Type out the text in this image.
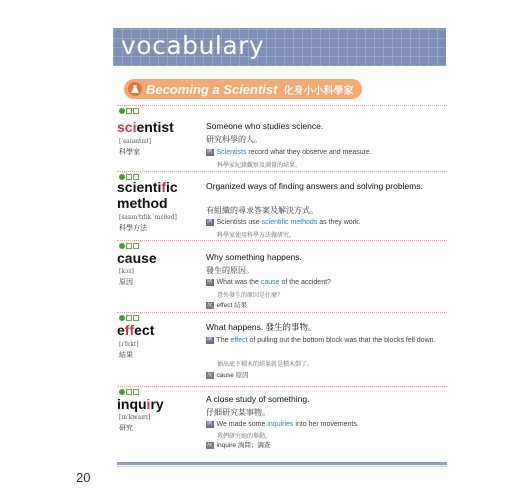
vocabulary
Becoming a Scientist 化身小小科學家
scientist
[ˈsaɪəntɪst]
科學家
Someone who studies science.
研究科學的人。
例 Scientists record what they observe and measure.
科學家紀錄觀察及測量的結果。
scientific
method
[saɪənˈtɪfɪk ˈmɛθəd]
科學方法
Organized ways of finding answers and solving problems.
有組織的尋求答案及解決方式。
例 Scientists use scientific methods as they work.
科學家使用科學方法做研究。
cause
[kɔz]
原因
Why something happens.
發生的原因。
例 What was the cause of the accident?
意外發生的原因是什麼？
反 effect 結果
effect
[ɪˈfɛkt]
結果
What happens. 發生的事物。
例 The effect of pulling out the bottom block was that the blocks fell down.
抽出底下積木的結果就是積木倒了。
反 cause 原因
inquiry
[ɪnˈkwaɪrɪ]
研究
A close study of something.
仔細研究某事物。
例 We made some inquiries into her movements.
我們研究她的舉動。
反 inquire 詢問；調查
20
